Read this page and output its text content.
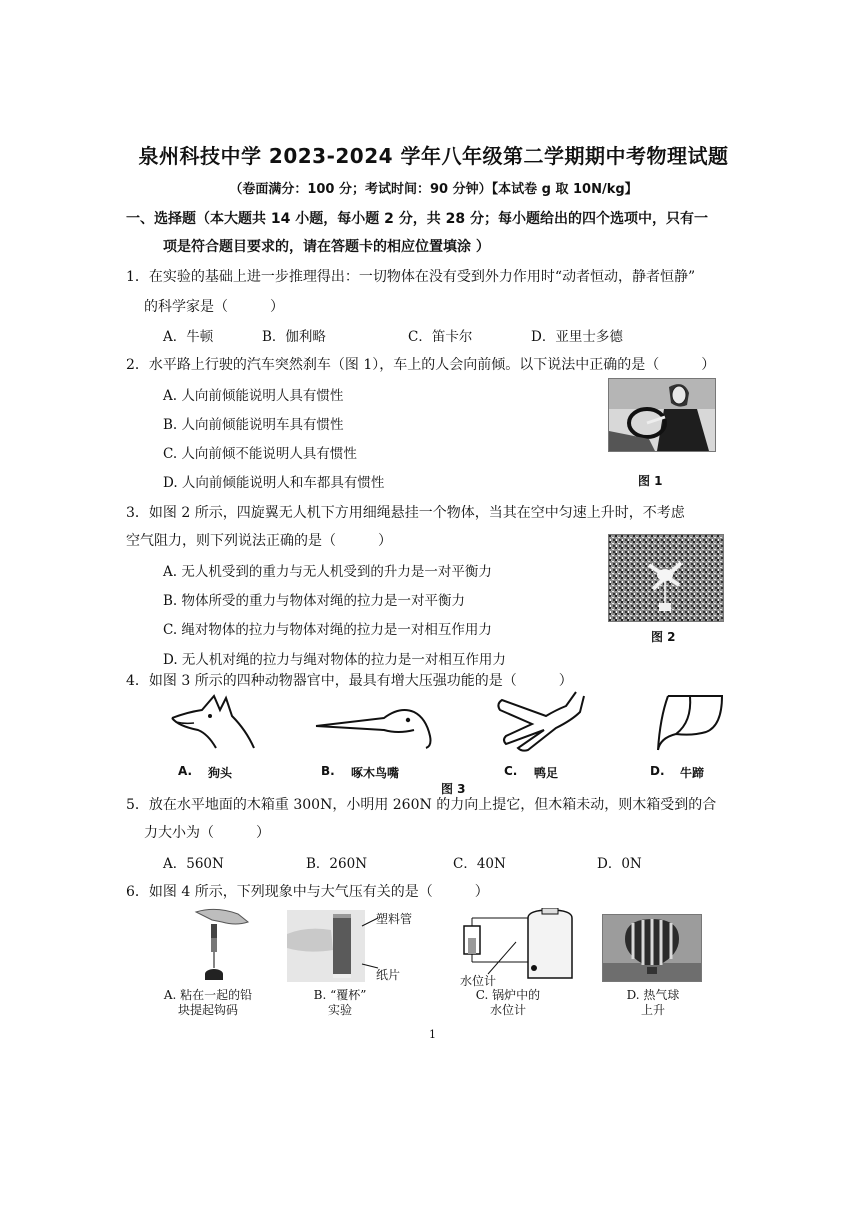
泉州科技中学 2023-2024 学年八年级第二学期期中考物理试题
（卷面满分：100 分；考试时间：90 分钟）【本试卷 g 取 10N/kg】
一、选择题（本大题共 14 小题，每小题 2 分，共 28 分；每小题给出的四个选项中，只有一
项是符合题目要求的，请在答题卡的相应位置填涂 ）
1．在实验的基础上进一步推理得出：一切物体在没有受到外力作用时“动者恒动，静者恒静”
的科学家是（　　　）
A．牛顿	B．伽利略	C．笛卡尔	D．亚里士多德
2．水平路上行驶的汽车突然刹车（图 1），车上的人会向前倾。以下说法中正确的是（　　　）
A. 人向前倾能说明人具有惯性
B. 人向前倾能说明车具有惯性
C. 人向前倾不能说明人具有惯性
D. 人向前倾能说明人和车都具有惯性	图 1
3．如图 2 所示，四旋翼无人机下方用细绳悬挂一个物体，当其在空中匀速上升时，不考虑
空气阻力，则下列说法正确的是（　　　）
A. 无人机受到的重力与无人机受到的升力是一对平衡力
B. 物体所受的重力与物体对绳的拉力是一对平衡力
C. 绳对物体的拉力与物体对绳的拉力是一对相互作用力
D. 无人机对绳的拉力与绳对物体的拉力是一对相互作用力
图 2
4．如图 3 所示的四种动物器官中，最具有增大压强功能的是（　　　）
A. 狗头	B. 啄木鸟嘴	C. 鸭足	D. 牛蹄
图 3
5．放在水平地面的木箱重 300N，小明用 260N 的力向上提它，但木箱未动，则木箱受到的合
力大小为（　　　）
A．560N	B．260N	C．40N	D．0N
6．如图 4 所示，下列现象中与大气压有关的是（　　　）
塑料管
纸片	水位计
A. 粘在一起的铅
块提起钩码
B. “覆杯”
实验
C. 锅炉中的
水位计
D. 热气球
上升
1
